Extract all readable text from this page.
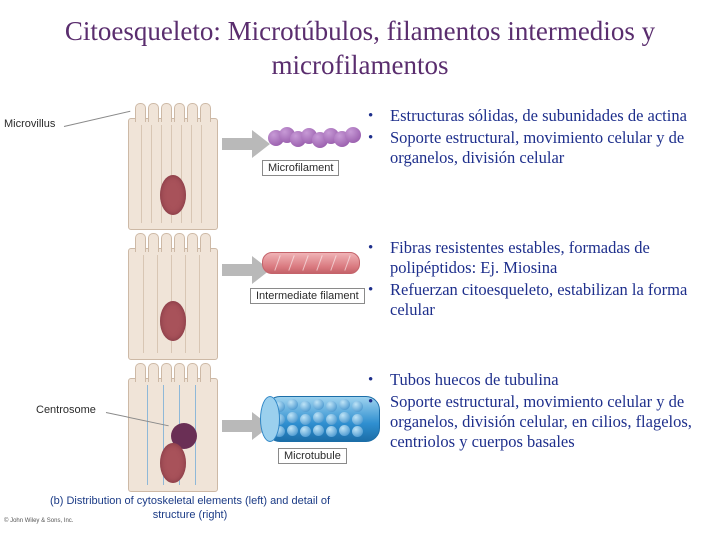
Citoesqueleto: Microtúbulos, filamentos intermedios y microfilamentos
Microvillus
Microfilament
Intermediate filament
Centrosome
Microtubule
(b) Distribution of cytoskeletal elements (left) and detail of structure (right)
© John Wiley & Sons, Inc.
•	Estructuras sólidas, de subunidades de actina
•	Soporte estructural, movimiento celular y de organelos, división celular
•	Fibras resistentes estables, formadas de polipéptidos: Ej. Miosina
•	Refuerzan citoesqueleto, estabilizan la forma celular
•	Tubos huecos de tubulina
•	Soporte estructural, movimiento celular y de organelos, división celular, en cilios, flagelos, centriolos y cuerpos basales
